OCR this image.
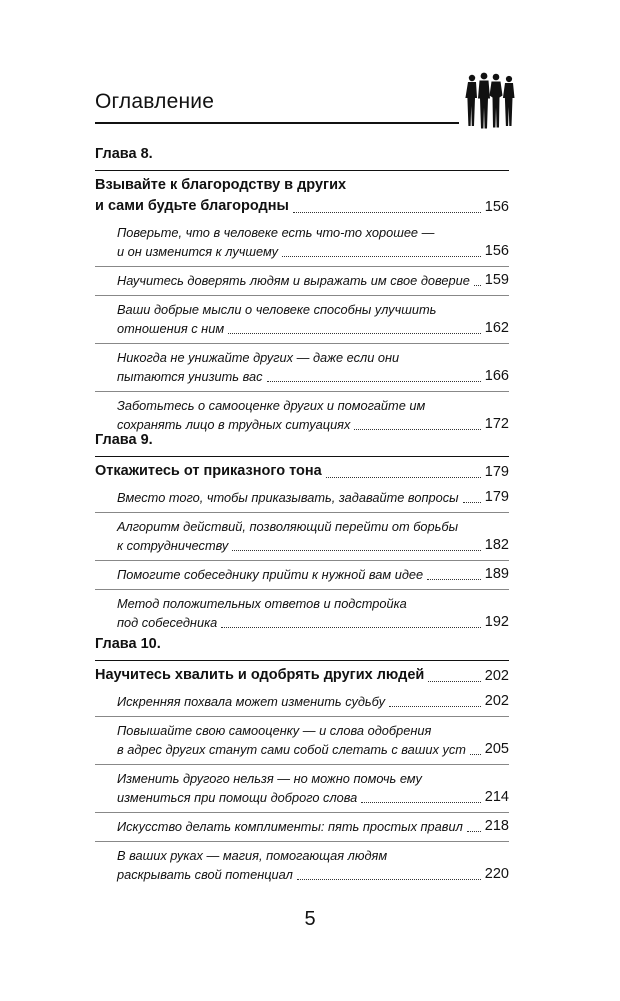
Оглавление
Глава 8.
Взывайте к благородству в других
и сами будьте благородны	156
Поверьте, что в человеке есть что-то хорошее —
и он изменится к лучшему	156
Научитесь доверять людям и выражать им свое доверие 159
Ваши добрые мысли о человеке способны улучшить
отношения с ним	162
Никогда не унижайте других — даже если они
пытаются унизить вас	166
Заботьтесь о самооценке других и помогайте им
сохранять лицо в трудных ситуациях	172
Глава 9.
Откажитесь от приказного тона	179
Вместо того, чтобы приказывать, задавайте вопросы 179
Алгоритм действий, позволяющий перейти от борьбы
к сотрудничеству	182
Помогите собеседнику прийти к нужной вам идее	189
Метод положительных ответов и подстройка
под собеседника	192
Глава 10.
Научитесь хвалить и одобрять других людей	202
Искренняя похвала может изменить судьбу	202
Повышайте свою самооценку — и слова одобрения
в адрес других станут сами собой слетать с ваших уст 205
Изменить другого нельзя — но можно помочь ему
измениться при помощи доброго слова	214
Искусство делать комплименты: пять простых правил 218
В ваших руках — магия, помогающая людям
раскрывать свой потенциал	220
5
